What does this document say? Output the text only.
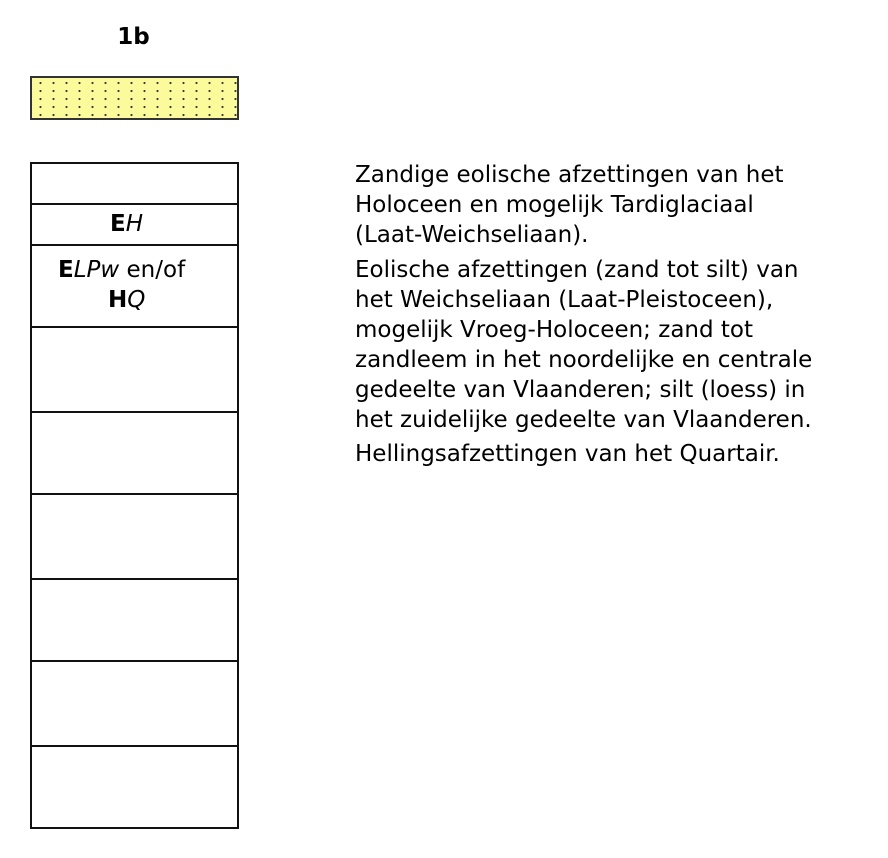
1b
EH
ELPw en/of
HQ
Zandige eolische afzettingen van het
Holoceen en mogelijk Tardiglaciaal
(Laat-Weichseliaan).
Eolische afzettingen (zand tot silt) van
het Weichseliaan (Laat-Pleistoceen),
mogelijk Vroeg-Holoceen; zand tot
zandleem in het noordelijke en centrale
gedeelte van Vlaanderen; silt (loess) in
het zuidelijke gedeelte van Vlaanderen.
Hellingsafzettingen van het Quartair.
